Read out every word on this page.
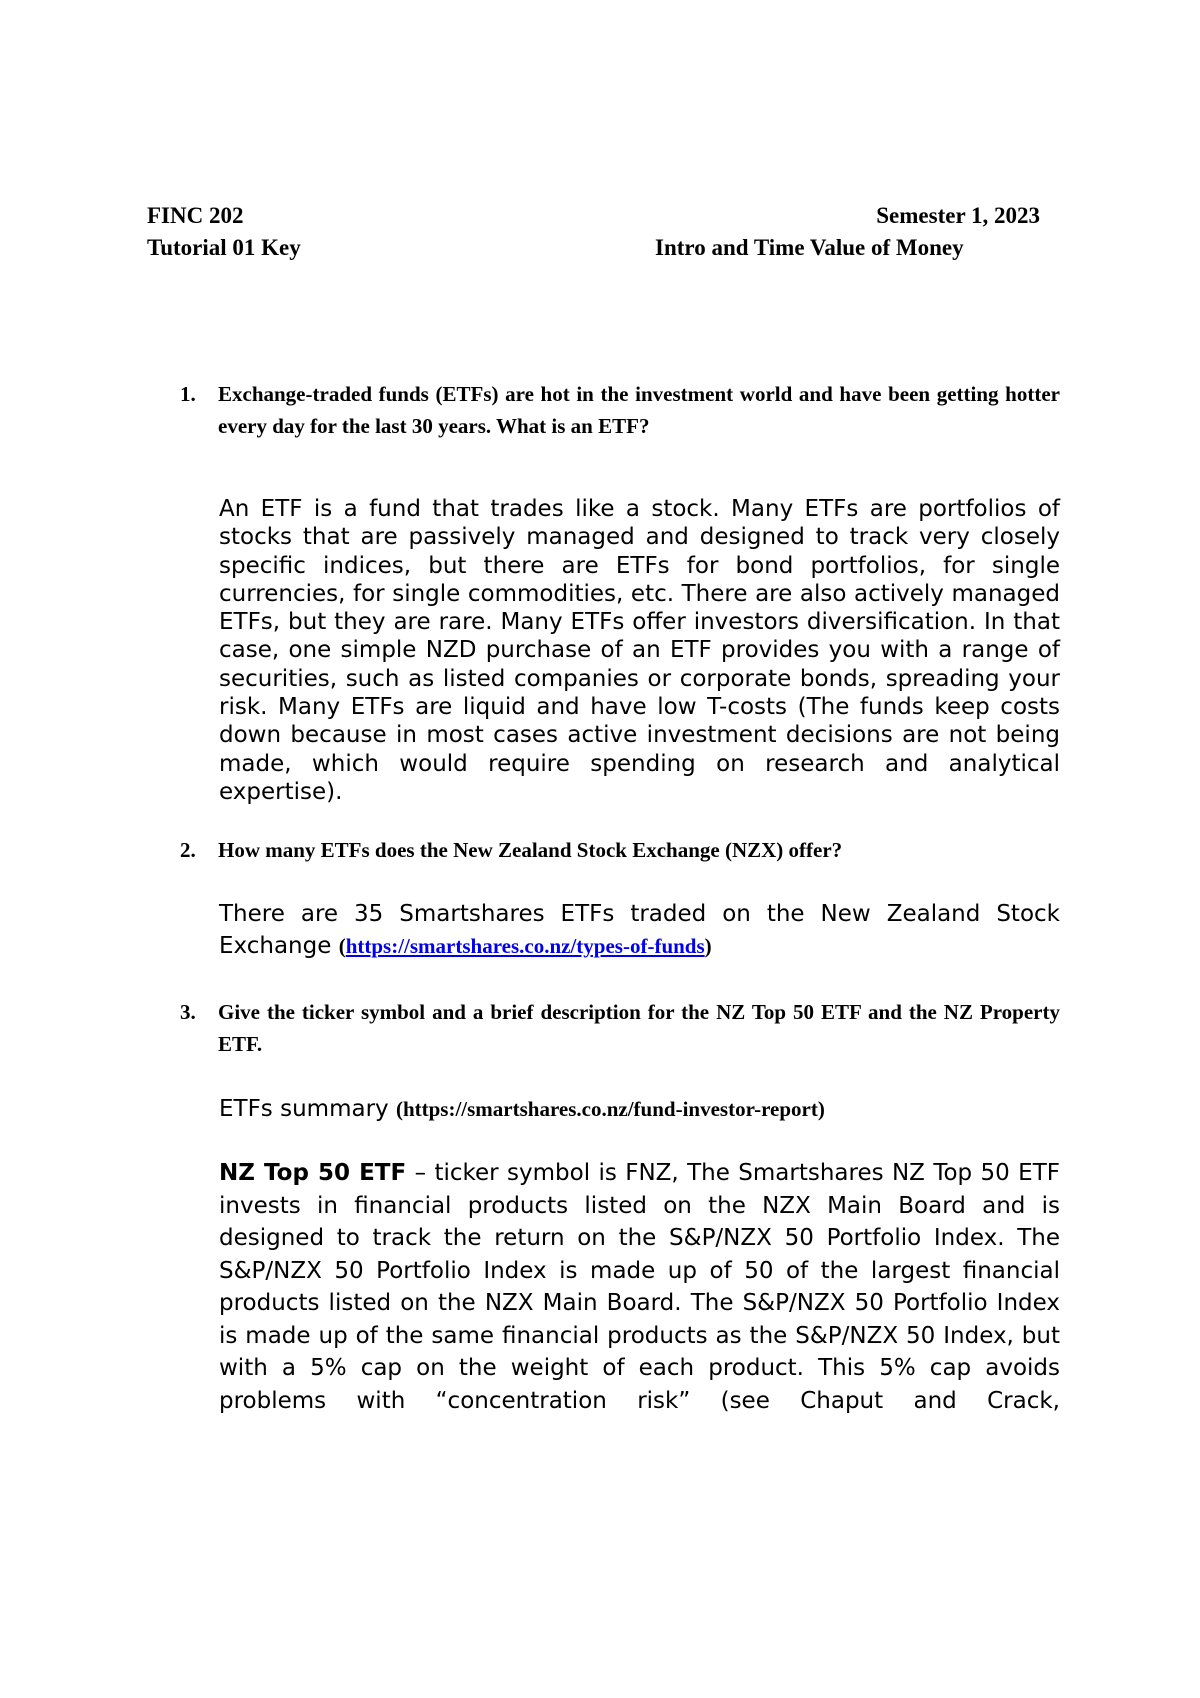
FINC 202	Semester 1, 2023
Tutorial 01 Key	Intro and Time Value of Money
1. Exchange-traded funds (ETFs) are hot in the investment world and have been getting hotter every day for the last 30 years. What is an ETF?
An ETF is a fund that trades like a stock. Many ETFs are portfolios of stocks that are passively managed and designed to track very closely specific indices, but there are ETFs for bond portfolios, for single currencies, for single commodities, etc. There are also actively managed ETFs, but they are rare. Many ETFs offer investors diversification. In that case, one simple NZD purchase of an ETF provides you with a range of securities, such as listed companies or corporate bonds, spreading your risk. Many ETFs are liquid and have low T-costs (The funds keep costs down because in most cases active investment decisions are not being made, which would require spending on research and analytical expertise).
2. How many ETFs does the New Zealand Stock Exchange (NZX) offer?
There are 35 Smartshares ETFs traded on the New Zealand Stock Exchange (https://smartshares.co.nz/types-of-funds)
3. Give the ticker symbol and a brief description for the NZ Top 50 ETF and the NZ Property ETF.
ETFs summary (https://smartshares.co.nz/fund-investor-report)
NZ Top 50 ETF – ticker symbol is FNZ, The Smartshares NZ Top 50 ETF invests in financial products listed on the NZX Main Board and is designed to track the return on the S&P/NZX 50 Portfolio Index. The S&P/NZX 50 Portfolio Index is made up of 50 of the largest financial products listed on the NZX Main Board. The S&P/NZX 50 Portfolio Index is made up of the same financial products as the S&P/NZX 50 Index, but with a 5% cap on the weight of each product. This 5% cap avoids problems with “concentration risk” (see Chaput and Crack,
